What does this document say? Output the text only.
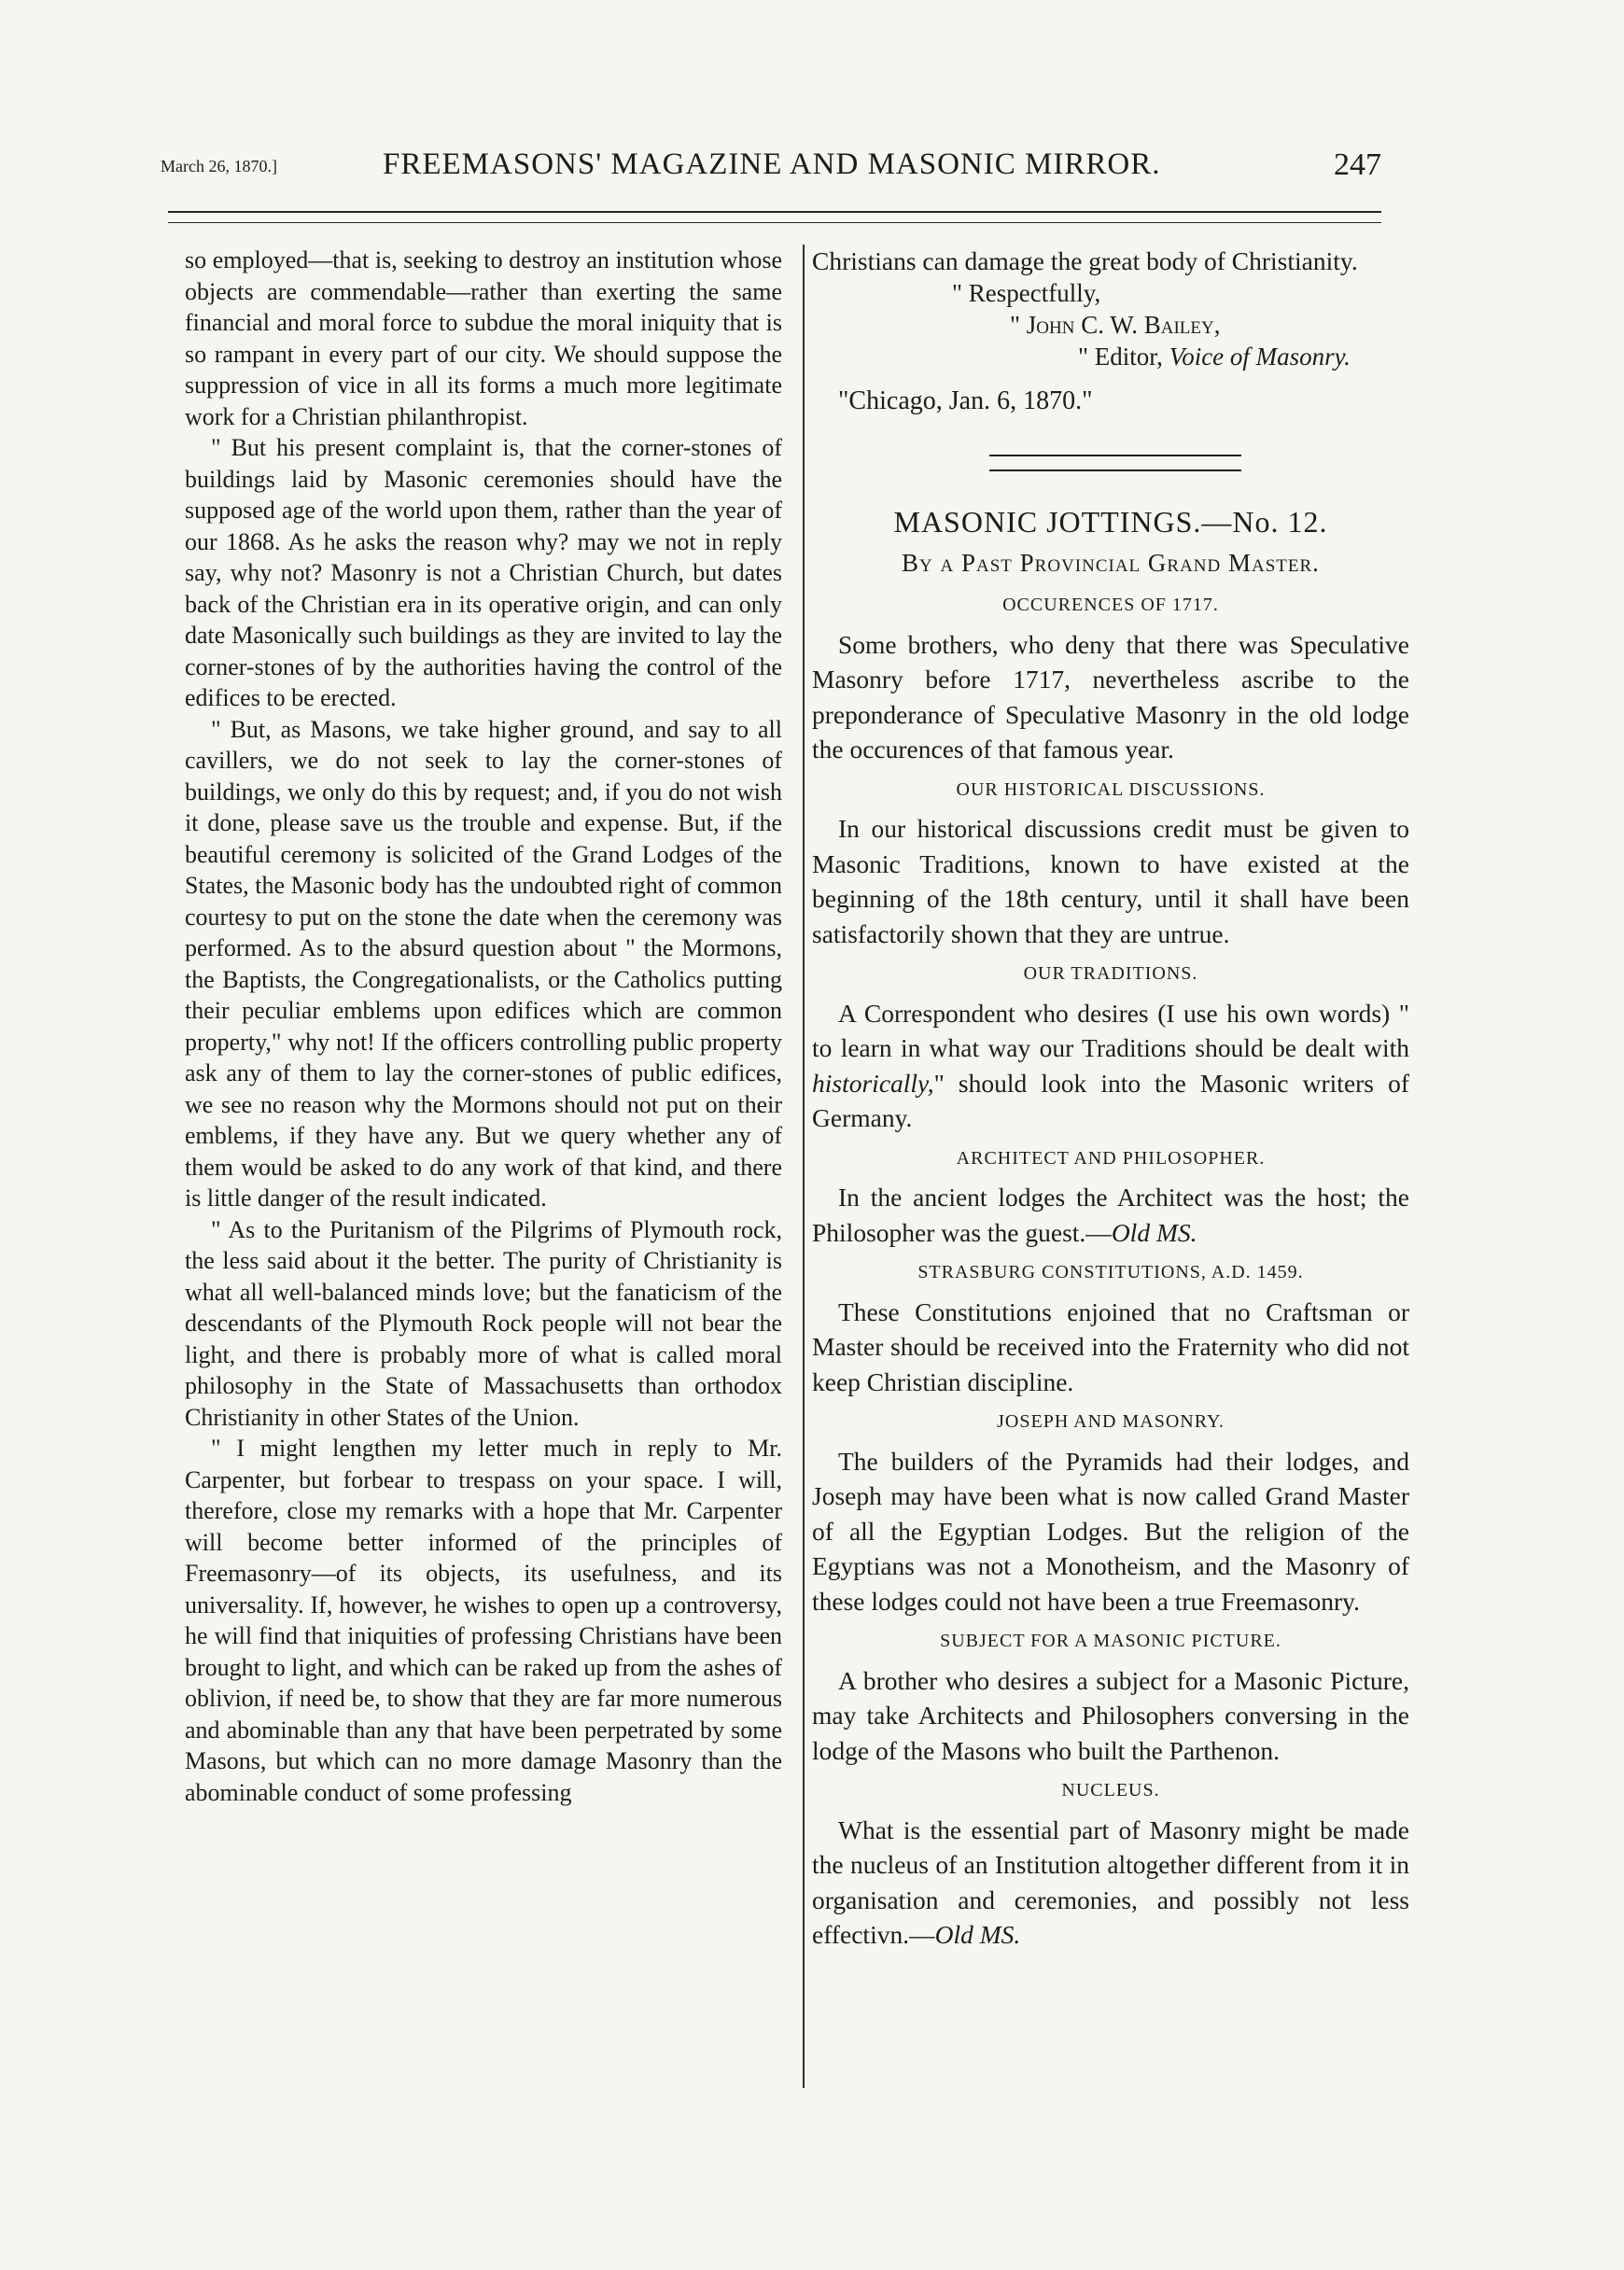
March 26, 1870.]	FREEMASONS' MAGAZINE AND MASONIC MIRROR.	247

so employed—that is, seeking to destroy an institution whose objects are commendable—rather than exerting the same financial and moral force to subdue the moral iniquity that is so rampant in every part of our city. We should suppose the suppression of vice in all its forms a much more legitimate work for a Christian philanthropist.

" But his present complaint is, that the corner-stones of buildings laid by Masonic ceremonies should have the supposed age of the world upon them, rather than the year of our 1868. As he asks the reason why? may we not in reply say, why not? Masonry is not a Christian Church, but dates back of the Christian era in its operative origin, and can only date Masonically such buildings as they are invited to lay the corner-stones of by the authorities having the control of the edifices to be erected.

" But, as Masons, we take higher ground, and say to all cavillers, we do not seek to lay the corner-stones of buildings, we only do this by request; and, if you do not wish it done, please save us the trouble and expense. But, if the beautiful ceremony is solicited of the Grand Lodges of the States, the Masonic body has the undoubted right of common courtesy to put on the stone the date when the ceremony was performed. As to the absurd question about " the Mormons, the Baptists, the Congregationalists, or the Catholics putting their peculiar emblems upon edifices which are common property," why not! If the officers controlling public property ask any of them to lay the corner-stones of public edifices, we see no reason why the Mormons should not put on their emblems, if they have any. But we query whether any of them would be asked to do any work of that kind, and there is little danger of the result indicated.

" As to the Puritanism of the Pilgrims of Plymouth rock, the less said about it the better. The purity of Christianity is what all well-balanced minds love; but the fanaticism of the descendants of the Plymouth Rock people will not bear the light, and there is probably more of what is called moral philosophy in the State of Massachusetts than orthodox Christianity in other States of the Union.

" I might lengthen my letter much in reply to Mr. Carpenter, but forbear to trespass on your space. I will, therefore, close my remarks with a hope that Mr. Carpenter will become better informed of the principles of Freemasonry—of its objects, its usefulness, and its universality. If, however, he wishes to open up a controversy, he will find that iniquities of professing Christians have been brought to light, and which can be raked up from the ashes of oblivion, if need be, to show that they are far more numerous and abominable than any that have been perpetrated by some Masons, but which can no more damage Masonry than the abominable conduct of some professing

Christians can damage the great body of Christianity.

" Respectfully,
" John C. W. Bailey,
" Editor, Voice of Masonry.
"Chicago, Jan. 6, 1870."
MASONIC JOTTINGS.—No. 12.
By a Past Provincial Grand Master.
OCCURENCES OF 1717.

Some brothers, who deny that there was Speculative Masonry before 1717, nevertheless ascribe to the preponderance of Speculative Masonry in the old lodge the occurences of that famous year.

OUR HISTORICAL DISCUSSIONS.

In our historical discussions credit must be given to Masonic Traditions, known to have existed at the beginning of the 18th century, until it shall have been satisfactorily shown that they are untrue.

OUR TRADITIONS.

A Correspondent who desires (I use his own words) " to learn in what way our Traditions should be dealt with historically," should look into the Masonic writers of Germany.

ARCHITECT AND PHILOSOPHER.

In the ancient lodges the Architect was the host; the Philosopher was the guest.—Old MS.

STRASBURG CONSTITUTIONS, A.D. 1459.

These Constitutions enjoined that no Craftsman or Master should be received into the Fraternity who did not keep Christian discipline.

JOSEPH AND MASONRY.

The builders of the Pyramids had their lodges, and Joseph may have been what is now called Grand Master of all the Egyptian Lodges. But the religion of the Egyptians was not a Monotheism, and the Masonry of these lodges could not have been a true Freemasonry.

SUBJECT FOR A MASONIC PICTURE.

A brother who desires a subject for a Masonic Picture, may take Architects and Philosophers conversing in the lodge of the Masons who built the Parthenon.

NUCLEUS.

What is the essential part of Masonry might be made the nucleus of an Institution altogether different from it in organisation and ceremonies, and possibly not less effectivn.—Old MS.
